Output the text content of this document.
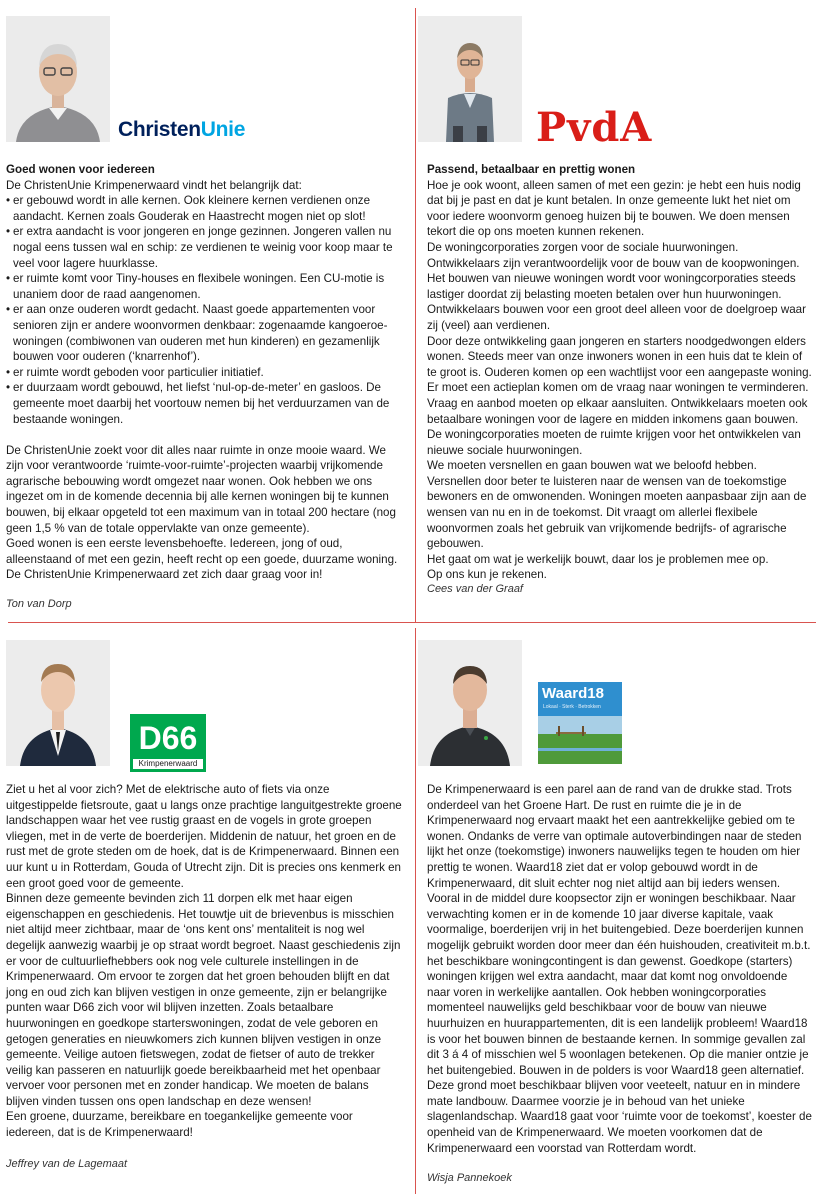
ChristenUnie

Goed wonen voor iedereen

De ChristenUnie Krimpenerwaard vindt het belangrijk dat:

• er gebouwd wordt in alle kernen. Ook kleinere kernen verdienen onze aandacht. Kernen zoals Gouderak en Haastrecht mogen niet op slot!
• er extra aandacht is voor jongeren en jonge gezinnen. Jongeren vallen nu nogal eens tussen wal en schip: ze verdienen te weinig voor koop maar te veel voor lagere huurklasse.
• er ruimte komt voor Tiny-houses en flexibele woningen. Een CU-motie is unaniem door de raad aangenomen.
• er aan onze ouderen wordt gedacht. Naast goede appartementen voor senioren zijn er andere woonvormen denkbaar: zogenaamde kangoeroe-woningen (combiwonen van ouderen met hun kinderen) en gezamenlijk bouwen voor ouderen (‘knarrenhof’).
• er ruimte wordt geboden voor particulier initiatief.
• er duurzaam wordt gebouwd, het liefst ‘nul-op-de-meter’ en gasloos. De gemeente moet daarbij het voortouw nemen bij het verduurzamen van de bestaande woningen.

De ChristenUnie zoekt voor dit alles naar ruimte in onze mooie waard. We zijn voor verantwoorde ‘ruimte-voor-ruimte’-projecten waarbij vrijkomende agrarische bebouwing wordt omgezet naar wonen. Ook hebben we ons ingezet om in de komende decennia bij alle kernen woningen bij te kunnen bouwen, bij elkaar opgeteld tot een maximum van in totaal 200 hectare (nog geen 1,5 % van de totale oppervlakte van onze gemeente).

Goed wonen is een eerste levensbehoefte. Iedereen, jong of oud, alleenstaand of met een gezin, heeft recht op een goede, duurzame woning.

De ChristenUnie Krimpenerwaard zet zich daar graag voor in!

Ton van Dorp
PvdA

Passend, betaalbaar en prettig wonen

Hoe je ook woont, alleen samen of met een gezin: je hebt een huis nodig dat bij je past en dat je kunt betalen. In onze gemeente lukt het niet om voor iedere woonvorm genoeg huizen bij te bouwen. We doen mensen tekort die op ons moeten kunnen rekenen.

De woningcorporaties zorgen voor de sociale huurwoningen. Ontwikkelaars zijn verantwoordelijk voor de bouw van de koopwoningen.

Het bouwen van nieuwe woningen wordt voor woningcorporaties steeds lastiger doordat zij belasting moeten betalen over hun huurwoningen.

Ontwikkelaars bouwen voor een groot deel alleen voor de doelgroep waar zij (veel) aan verdienen.

Door deze ontwikkeling gaan jongeren en starters noodgedwongen elders wonen. Steeds meer van onze inwoners wonen in een huis dat te klein of te groot is. Ouderen komen op een wachtlijst voor een aangepaste woning.

Er moet een actieplan komen om de vraag naar woningen te verminderen. Vraag en aanbod moeten op elkaar aansluiten. Ontwikkelaars moeten ook betaalbare woningen voor de lagere en midden inkomens gaan bouwen.

De woningcorporaties moeten de ruimte krijgen voor het ontwikkelen van nieuwe sociale huurwoningen.

We moeten versnellen en gaan bouwen wat we beloofd hebben. Versnellen door beter te luisteren naar de wensen van de toekomstige bewoners en de omwonenden. Woningen moeten aanpasbaar zijn aan de wensen van nu en in de toekomst. Dit vraagt om allerlei flexibele woonvormen zoals het gebruik van vrijkomende bedrijfs- of agrarische gebouwen.

Het gaat om wat je werkelijk bouwt, daar los je problemen mee op.

Op ons kun je rekenen.

Cees van der Graaf
D66
Krimpenerwaard

Ziet u het al voor zich? Met de elektrische auto of fiets via onze uitgestippelde fietsroute, gaat u langs onze prachtige languitgestrekte groene landschappen waar het vee rustig graast en de vogels in grote groepen vliegen, met in de verte de boerderijen. Middenin de natuur, het groen en de rust met de grote steden om de hoek, dat is de Krimpenerwaard. Binnen een uur kunt u in Rotterdam, Gouda of Utrecht zijn. Dit is precies ons kenmerk en een groot goed voor de gemeente.

Binnen deze gemeente bevinden zich 11 dorpen elk met haar eigen eigenschappen en geschiedenis. Het touwtje uit de brievenbus is misschien niet altijd meer zichtbaar, maar de ‘ons kent ons’ mentaliteit is nog wel degelijk aanwezig waarbij je op straat wordt begroet. Naast geschiedenis zijn er voor de cultuurliefhebbers ook nog vele culturele instellingen in de Krimpenerwaard. Om ervoor te zorgen dat het groen behouden blijft en dat jong en oud zich kan blijven vestigen in onze gemeente, zijn er belangrijke punten waar D66 zich voor wil blijven inzetten. Zoals betaalbare huurwoningen en goedkope starterswoningen, zodat de vele geboren en getogen generaties en nieuwkomers zich kunnen blijven vestigen in onze gemeente. Veilige autoen fietswegen, zodat de fietser of auto de trekker veilig kan passeren en natuurlijk goede bereikbaarheid met het openbaar vervoer voor personen met en zonder handicap. We moeten de balans blijven vinden tussen ons open landschap en deze wensen!

Een groene, duurzame, bereikbare en toegankelijke gemeente voor iedereen, dat is de Krimpenerwaard!

Jeffrey van de Lagemaat
Waard18
Lokaal · Sterk · Betrokken

De Krimpenerwaard is een parel aan de rand van de drukke stad. Trots onderdeel van het Groene Hart. De rust en ruimte die je in de Krimpenerwaard nog ervaart maakt het een aantrekkelijke gebied om te wonen. Ondanks de verre van optimale autoverbindingen naar de steden lijkt het onze (toekomstige) inwoners nauwelijks tegen te houden om hier prettig te wonen. Waard18 ziet dat er volop gebouwd wordt in de Krimpenerwaard, dit sluit echter nog niet altijd aan bij ieders wensen. Vooral in de middel dure koopsector zijn er woningen beschikbaar. Naar verwachting komen er in de komende 10 jaar diverse kapitale, vaak voormalige, boerderijen vrij in het buitengebied. Deze boerderijen kunnen mogelijk gebruikt worden door meer dan één huishouden, creativiteit m.b.t. het beschikbare woningcontingent is dan gewenst. Goedkope (starters) woningen krijgen wel extra aandacht, maar dat komt nog onvoldoende naar voren in werkelijke aantallen. Ook hebben woningcorporaties momenteel nauwelijks geld beschikbaar voor de bouw van nieuwe huurhuizen en huurappartementen, dit is een landelijk probleem! Waard18 is voor het bouwen binnen de bestaande kernen. In sommige gevallen zal dit 3 á 4 of misschien wel 5 woonlagen betekenen. Op die manier ontzie je het buitengebied. Bouwen in de polders is voor Waard18 geen alternatief. Deze grond moet beschikbaar blijven voor veeteelt, natuur en in mindere mate landbouw. Daarmee voorzie je in behoud van het unieke slagenlandschap. Waard18 gaat voor ‘ruimte voor de toekomst’, koester de openheid van de Krimpenerwaard. We moeten voorkomen dat de Krimpenerwaard een voorstad van Rotterdam wordt.

Wisja Pannekoek
